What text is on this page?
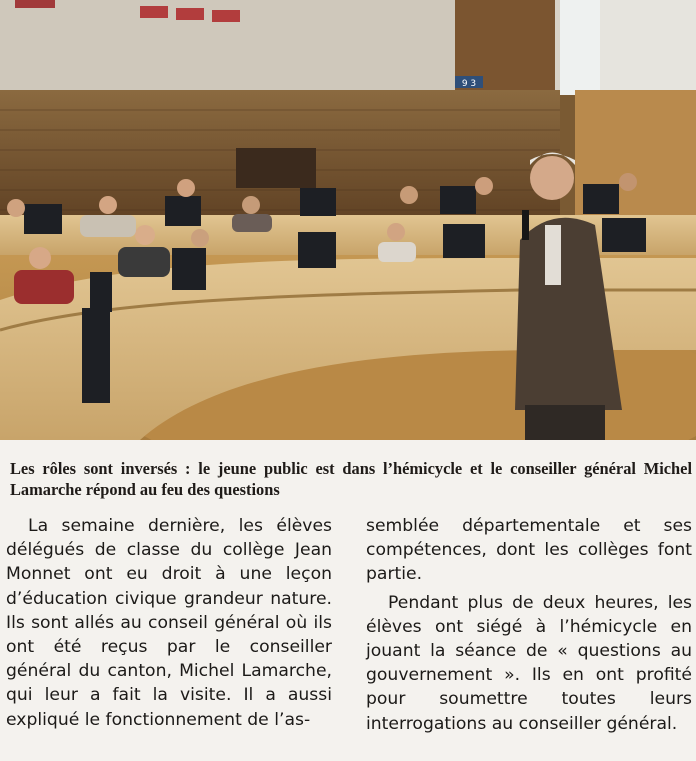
9 3
Les rôles sont inversés : le jeune public est dans l’hémicycle et le conseiller général Michel Lamarche répond au feu des questions

La semaine dernière, les élèves délégués de classe du collège Jean Monnet ont eu droit à une leçon d’éducation civique grandeur nature. Ils sont allés au conseil général où ils ont été reçus par le conseiller général du canton, Michel Lamarche, qui leur a fait la visite. Il a aussi expliqué le fonctionnement de l’as-

semblée départementale et ses compétences, dont les collèges font partie.

Pendant plus de deux heures, les élèves ont siégé à l’hémicycle en jouant la séance de « questions au gouvernement ». Ils en ont profité pour soumettre toutes leurs interrogations au conseiller général.
